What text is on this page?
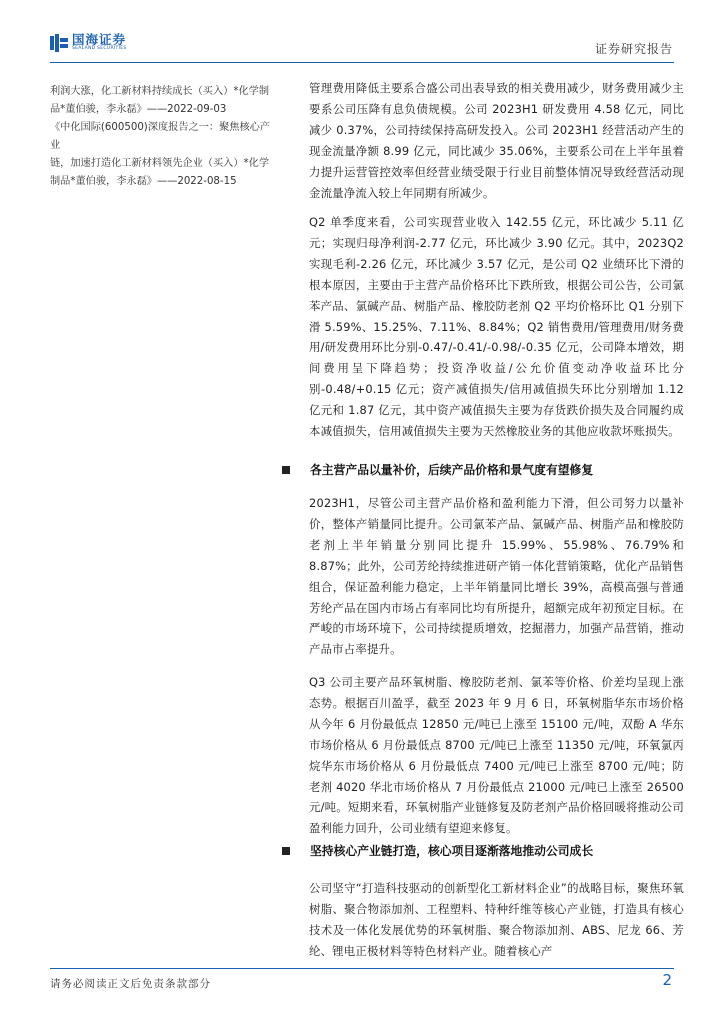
国海证券
SEALAND SECURITIES	证券研究报告

利润大涨，化工新材料持续成长（买入）*化学制

品*董伯骏，李永磊》——2022-09-03

《中化国际(600500)深度报告之一：聚焦核心产业

链，加速打造化工新材料领先企业（买入）*化学

制品*董伯骏，李永磊》——2022-08-15

管理费用降低主要系合盛公司出表导致的相关费用减少，财务费用减少主要系公司压降有息负债规模。公司 2023H1 研发费用 4.58 亿元，同比减少 0.37%，公司持续保持高研发投入。公司 2023H1 经营活动产生的现金流量净额 8.99 亿元，同比减少 35.06%，主要系公司在上半年虽着力提升运营管控效率但经营业绩受限于行业目前整体情况导致经营活动现金流量净流入较上年同期有所减少。

Q2 单季度来看，公司实现营业收入 142.55 亿元，环比减少 5.11 亿元；实现归母净利润-2.77 亿元，环比减少 3.90 亿元。其中，2023Q2 实现毛利-2.26 亿元，环比减少 3.57 亿元，是公司 Q2 业绩环比下滑的根本原因，主要由于主营产品价格环比下跌所致，根据公司公告，公司氯苯产品、氯碱产品、树脂产品、橡胶防老剂 Q2 平均价格环比 Q1 分别下滑 5.59%、15.25%、7.11%、8.84%；Q2 销售费用/管理费用/财务费用/研发费用环比分别-0.47/-0.41/-0.98/-0.35 亿元，公司降本增效，期间费用呈下降趋势；投资净收益/公允价值变动净收益环比分别-0.48/+0.15 亿元；资产减值损失/信用减值损失环比分别增加 1.12 亿元和 1.87 亿元，其中资产减值损失主要为存货跌价损失及合同履约成本减值损失，信用减值损失主要为天然橡胶业务的其他应收款坏账损失。

2023H1，尽管公司主营产品价格和盈利能力下滑，但公司努力以量补价，整体产销量同比提升。公司氯苯产品、氯碱产品、树脂产品和橡胶防老剂上半年销量分别同比提升 15.99%、55.98%、76.79%和 8.87%；此外，公司芳纶持续推进研产销一体化营销策略，优化产品销售组合，保证盈利能力稳定，上半年销量同比增长 39%，高模高强与普通芳纶产品在国内市场占有率同比均有所提升，超额完成年初预定目标。在严峻的市场环境下，公司持续提质增效，挖掘潜力，加强产品营销，推动产品市占率提升。

Q3 公司主要产品环氧树脂、橡胶防老剂、氯苯等价格、价差均呈现上涨态势。根据百川盈孚，截至 2023 年 9 月 6 日，环氧树脂华东市场价格从今年 6 月份最低点 12850 元/吨已上涨至 15100 元/吨，双酚 A 华东市场价格从 6 月份最低点 8700 元/吨已上涨至 11350 元/吨，环氧氯丙烷华东市场价格从 6 月份最低点 7400 元/吨已上涨至 8700 元/吨；防老剂 4020 华北市场价格从 7 月份最低点 21000 元/吨已上涨至 26500 元/吨。短期来看，环氧树脂产业链修复及防老剂产品价格回暖将推动公司盈利能力回升，公司业绩有望迎来修复。

公司坚守“打造科技驱动的创新型化工新材料企业”的战略目标，聚焦环氧树脂、聚合物添加剂、工程塑料、特种纤维等核心产业链，打造具有核心技术及一体化发展优势的环氧树脂、聚合物添加剂、ABS、尼龙 66、芳纶、锂电正极材料等特色材料产业。随着核心产

各主营产品以量补价，后续产品价格和景气度有望修复
坚持核心产业链打造，核心项目逐渐落地推动公司成长
请务必阅读正文后免责条款部分	2
